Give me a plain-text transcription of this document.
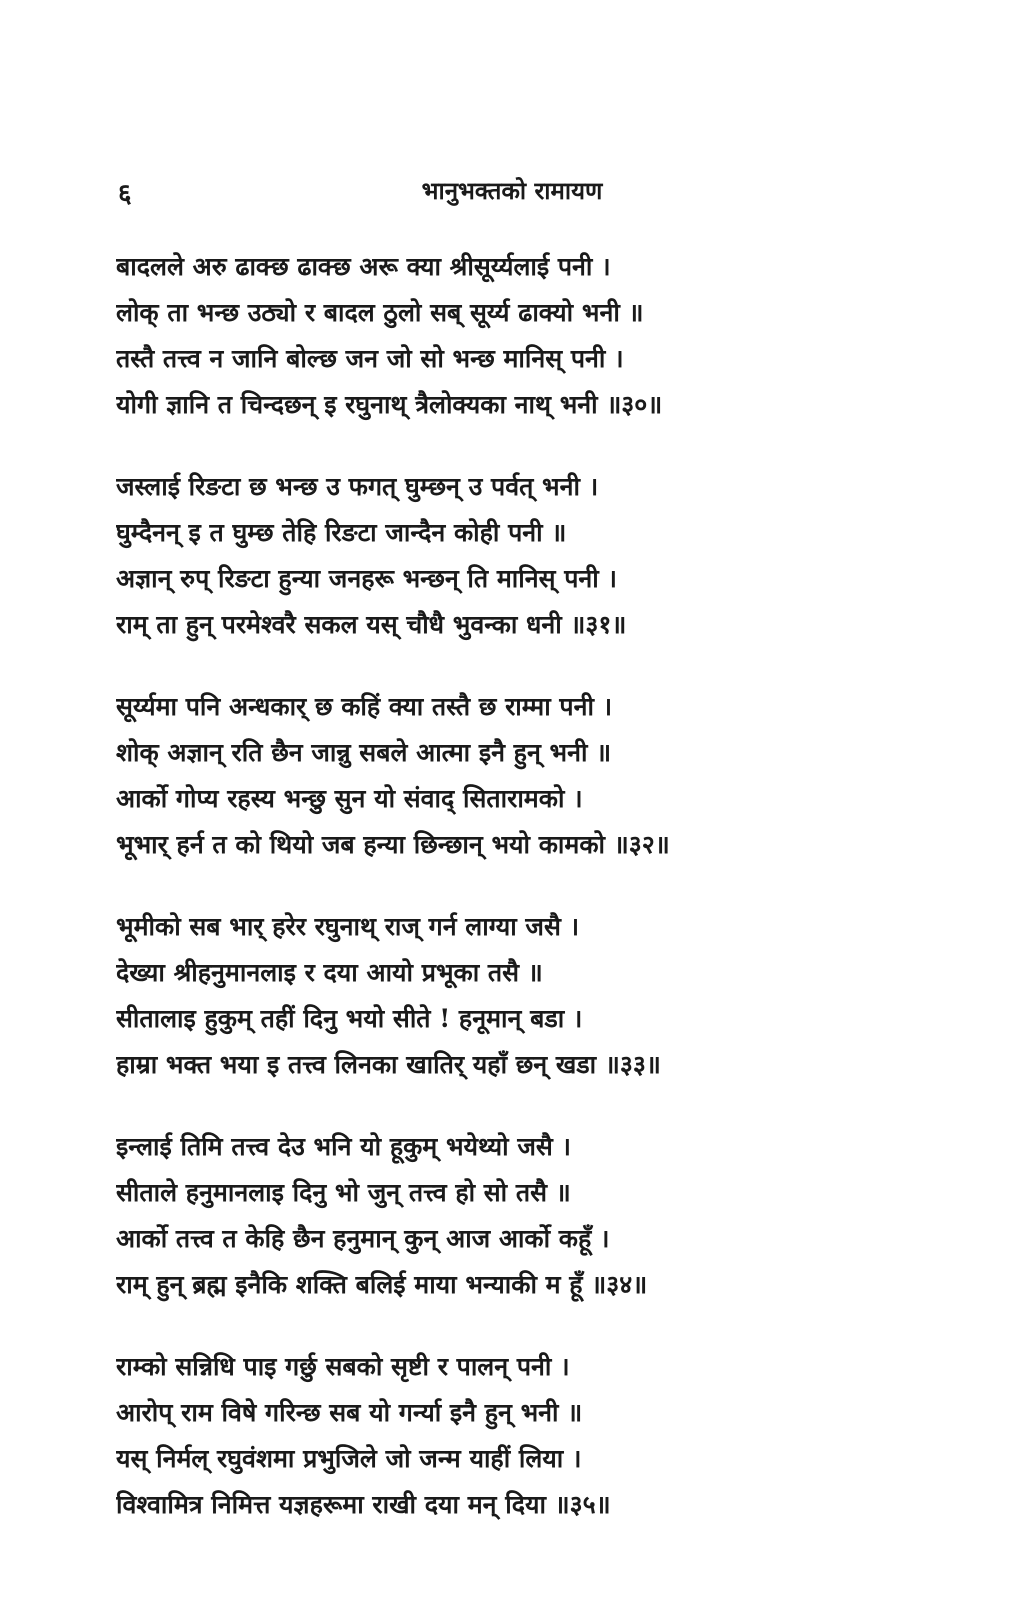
६	भानुभक्तको रामायण
बादलले अरु ढाक्छ ढाक्छ अरू क्या श्रीसूर्य्यलाई पनी ।
लोक् ता भन्छ उठ्यो र बादल ठुलो सब् सूर्य्य ढाक्यो भनी ॥
तस्तै तत्त्व न जानि बोल्छ जन जो सो भन्छ मानिस् पनी ।
योगी ज्ञानि त चिन्दछन् इ रघुनाथ् त्रैलोक्यका नाथ् भनी ॥३०॥
जस्लाई रिङटा छ भन्छ उ फगत् घुम्छन् उ पर्वत् भनी ।
घुम्दैनन् इ त घुम्छ तेहि रिङटा जान्दैन कोही पनी ॥
अज्ञान् रुप् रिङटा हुन्या जनहरू भन्छन् ति मानिस् पनी ।
राम् ता हुन् परमेश्वरै सकल यस् चौधै भुवन्का धनी ॥३१॥
सूर्य्यमा पनि अन्धकार् छ कहिं क्या तस्तै छ राम्मा पनी ।
शोक् अज्ञान् रति छैन जान्नु सबले आत्मा इनै हुन् भनी ॥
आर्को गोप्य रहस्य भन्छु सुन यो संवाद् सितारामको ।
भूभार् हर्न त को थियो जब हन्या छिन्छान् भयो कामको ॥३२॥
भूमीको सब भार् हरेर रघुनाथ् राज् गर्न लाग्या जसै ।
देख्या श्रीहनुमानलाइ र दया आयो प्रभूका तसै ॥
सीतालाइ हुकुम् तहीं दिनु भयो सीते ! हनूमान् बडा ।
हाम्रा भक्त भया इ तत्त्व लिनका खातिर् यहाँ छन् खडा ॥३३॥
इन्लाई तिमि तत्त्व देउ भनि यो हूकुम् भयेथ्यो जसै ।
सीताले हनुमानलाइ दिनु भो जुन् तत्त्व हो सो तसै ॥
आर्को तत्त्व त केहि छैन हनुमान् कुन् आज आर्को कहूँ ।
राम् हुन् ब्रह्म इनैकि शक्ति बलिई माया भन्याकी म हूँ ॥३४॥
राम्को सन्निधि पाइ गर्छु सबको सृष्टी र पालन् पनी ।
आरोप् राम विषे गरिन्छ सब यो गर्न्या इनै हुन् भनी ॥
यस् निर्मल् रघुवंशमा प्रभुजिले जो जन्म याहीं लिया ।
विश्वामित्र निमित्त यज्ञहरूमा राखी दया मन् दिया ॥३५॥
